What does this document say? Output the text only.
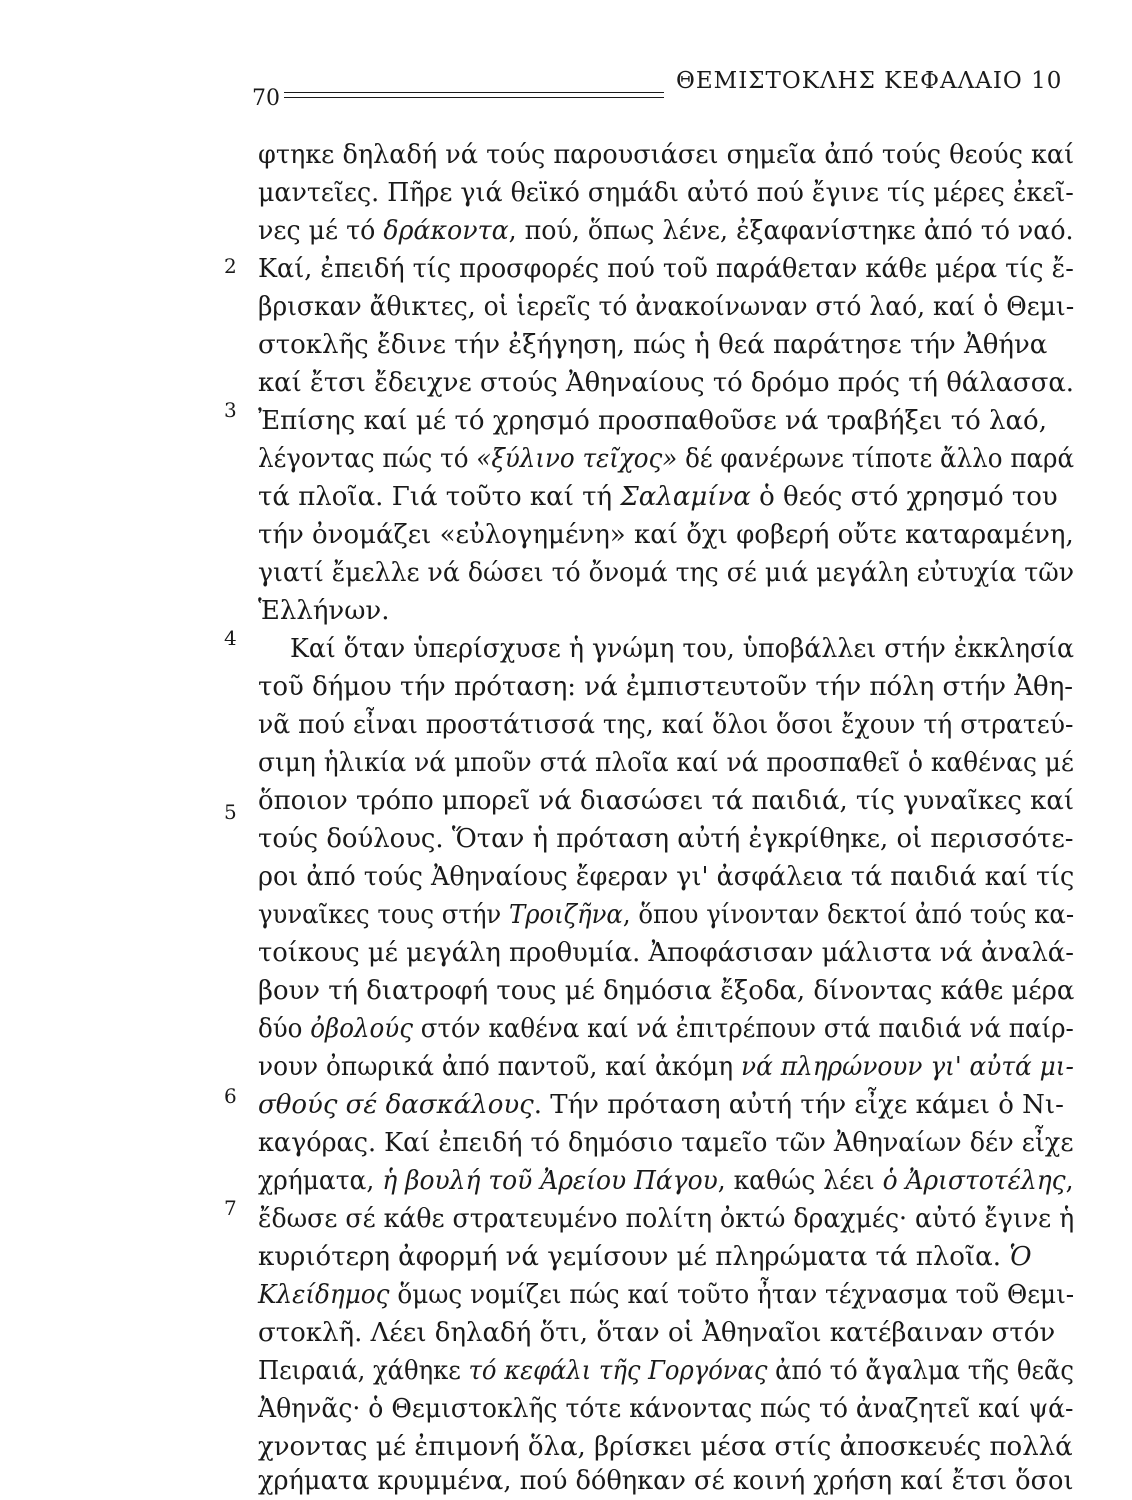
70
ΘΕΜΙΣΤΟΚΛΗΣ ΚΕΦΑΛΑΙΟ 10
2
3
4
5
6
7
φτηκε δηλαδή νά τούς παρουσιάσει σημεῖα ἀπό τούς θεούς καί
μαντεῖες. Πῆρε γιά θεϊκό σημάδι αὐτό πού ἔγινε τίς μέρες ἐκεῖ-
νες μέ τό δράκοντα, πού, ὅπως λένε, ἐξαφανίστηκε ἀπό τό ναό.
Καί, ἐπειδή τίς προσφορές πού τοῦ παράθεταν κάθε μέρα τίς ἔ-
βρισκαν ἄθικτες, οἱ ἱερεῖς τό ἀνακοίνωναν στό λαό, καί ὁ Θεμι-
στοκλῆς ἔδινε τήν ἐξήγηση, πώς ἡ θεά παράτησε τήν Ἀθήνα
καί ἔτσι ἔδειχνε στούς Ἀθηναίους τό δρόμο πρός τή θάλασσα.
Ἐπίσης καί μέ τό χρησμό προσπαθοῦσε νά τραβήξει τό λαό,
λέγοντας πώς τό «ξύλινο τεῖχος» δέ φανέρωνε τίποτε ἄλλο παρά
τά πλοῖα. Γιά τοῦτο καί τή Σαλαμίνα ὁ θεός στό χρησμό του
τήν ὀνομάζει «εὐλογημένη» καί ὄχι φοβερή οὔτε καταραμένη,
γιατί ἔμελλε νά δώσει τό ὄνομά της σέ μιά μεγάλη εὐτυχία τῶν
Ἑλλήνων.
Καί ὅταν ὑπερίσχυσε ἡ γνώμη του, ὑποβάλλει στήν ἐκκλησία
τοῦ δήμου τήν πρόταση: νά ἐμπιστευτοῦν τήν πόλη στήν Ἀθη-
νᾶ πού εἶναι προστάτισσά της, καί ὅλοι ὅσοι ἔχουν τή στρατεύ-
σιμη ἡλικία νά μποῦν στά πλοῖα καί νά προσπαθεῖ ὁ καθένας μέ
ὅποιον τρόπο μπορεῖ νά διασώσει τά παιδιά, τίς γυναῖκες καί
τούς δούλους. Ὅταν ἡ πρόταση αὐτή ἐγκρίθηκε, οἱ περισσότε-
ροι ἀπό τούς Ἀθηναίους ἔφεραν γι' ἀσφάλεια τά παιδιά καί τίς
γυναῖκες τους στήν Τροιζῆνα, ὅπου γίνονταν δεκτοί ἀπό τούς κα-
τοίκους μέ μεγάλη προθυμία. Ἀποφάσισαν μάλιστα νά ἀναλά-
βουν τή διατροφή τους μέ δημόσια ἔξοδα, δίνοντας κάθε μέρα
δύο ὀβολούς στόν καθένα καί νά ἐπιτρέπουν στά παιδιά νά παίρ-
νουν ὀπωρικά ἀπό παντοῦ, καί ἀκόμη νά πληρώνουν γι' αὐτά μι-
σθούς σέ δασκάλους. Τήν πρόταση αὐτή τήν εἶχε κάμει ὁ Νι-
καγόρας. Καί ἐπειδή τό δημόσιο ταμεῖο τῶν Ἀθηναίων δέν εἶχε
χρήματα, ἡ βουλή τοῦ Ἀρείου Πάγου, καθώς λέει ὁ Ἀριστοτέλης,
ἔδωσε σέ κάθε στρατευμένο πολίτη ὀκτώ δραχμές· αὐτό ἔγινε ἡ
κυριότερη ἀφορμή νά γεμίσουν μέ πληρώματα τά πλοῖα. Ὁ
Κλείδημος ὅμως νομίζει πώς καί τοῦτο ἦταν τέχνασμα τοῦ Θεμι-
στοκλῆ. Λέει δηλαδή ὅτι, ὅταν οἱ Ἀθηναῖοι κατέβαιναν στόν
Πειραιά, χάθηκε τό κεφάλι τῆς Γοργόνας ἀπό τό ἄγαλμα τῆς θεᾶς
Ἀθηνᾶς· ὁ Θεμιστοκλῆς τότε κάνοντας πώς τό ἀναζητεῖ καί ψά-
χνοντας μέ ἐπιμονή ὅλα, βρίσκει μέσα στίς ἀποσκευές πολλά
χρήματα κρυμμένα, πού δόθηκαν σέ κοινή χρήση καί ἔτσι ὅσοι
